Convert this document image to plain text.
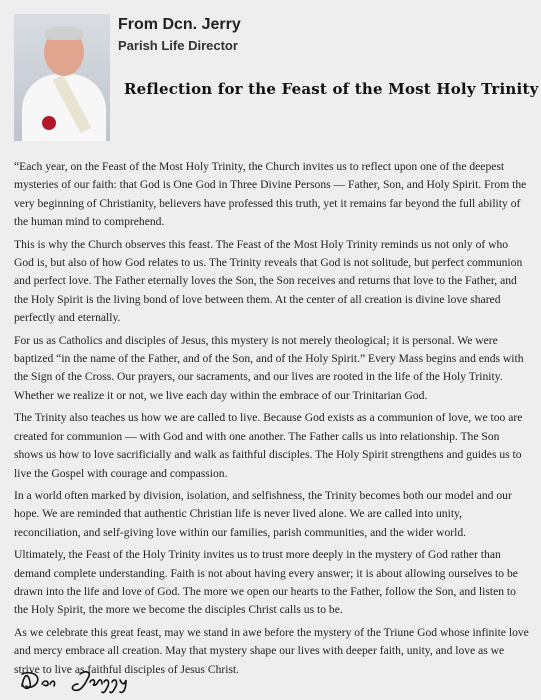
From Dcn. Jerry
Parish Life Director
Reflection for the Feast of the Most Holy Trinity

“Each year, on the Feast of the Most Holy Trinity, the Church invites us to reflect upon one of the deepest mysteries of our faith: that God is One God in Three Divine Persons — Father, Son, and Holy Spirit. From the very beginning of Christianity, believers have professed this truth, yet it remains far beyond the full ability of the human mind to comprehend.

This is why the Church observes this feast. The Feast of the Most Holy Trinity reminds us not only of who God is, but also of how God relates to us. The Trinity reveals that God is not solitude, but perfect communion and perfect love. The Father eternally loves the Son, the Son receives and returns that love to the Father, and the Holy Spirit is the living bond of love between them. At the center of all creation is divine love shared perfectly and eternally.

For us as Catholics and disciples of Jesus, this mystery is not merely theological; it is personal. We were baptized “in the name of the Father, and of the Son, and of the Holy Spirit.” Every Mass begins and ends with the Sign of the Cross. Our prayers, our sacraments, and our lives are rooted in the life of the Holy Trinity. Whether we realize it or not, we live each day within the embrace of our Trinitarian God.

The Trinity also teaches us how we are called to live. Because God exists as a communion of love, we too are created for communion — with God and with one another. The Father calls us into relationship. The Son shows us how to love sacrificially and walk as faithful disciples. The Holy Spirit strengthens and guides us to live the Gospel with courage and compassion.

In a world often marked by division, isolation, and selfishness, the Trinity becomes both our model and our hope. We are reminded that authentic Christian life is never lived alone. We are called into unity, reconciliation, and self-giving love within our families, parish communities, and the wider world.

Ultimately, the Feast of the Holy Trinity invites us to trust more deeply in the mystery of God rather than demand complete understanding. Faith is not about having every answer; it is about allowing ourselves to be drawn into the life and love of God. The more we open our hearts to the Father, follow the Son, and listen to the Holy Spirit, the more we become the disciples Christ calls us to be.

As we celebrate this great feast, may we stand in awe before the mystery of the Triune God whose infinite love and mercy embrace all creation. May that mystery shape our lives with deeper faith, unity, and love as we strive to live as faithful disciples of Jesus Christ.
